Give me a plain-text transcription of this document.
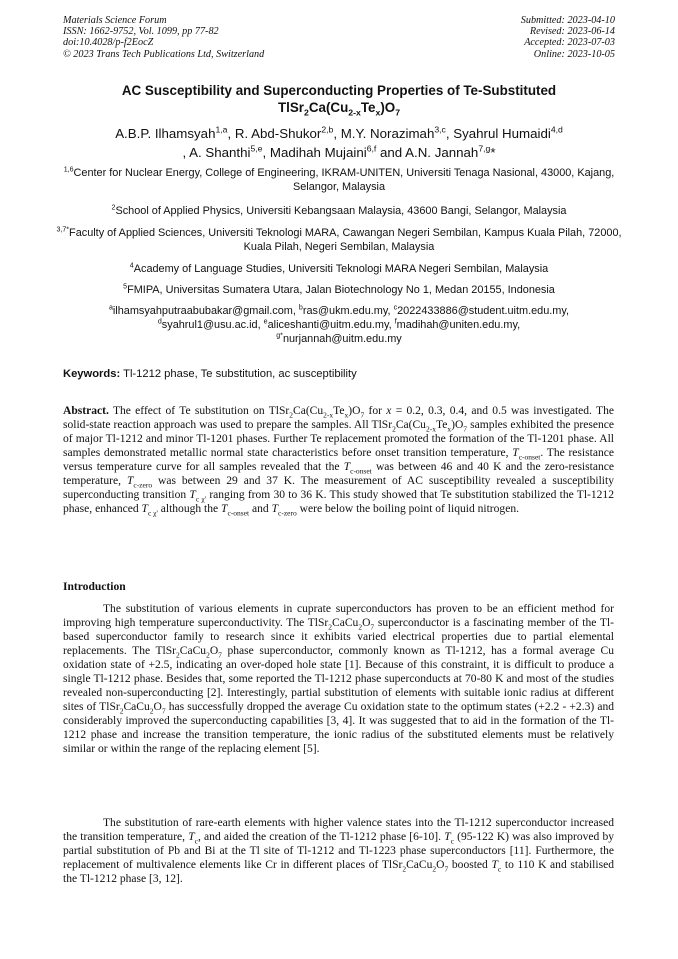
Materials Science Forum
ISSN: 1662-9752, Vol. 1099, pp 77-82
doi:10.4028/p-f2EocZ
© 2023 Trans Tech Publications Ltd, Switzerland
Submitted: 2023-04-10
Revised: 2023-06-14
Accepted: 2023-07-03
Online: 2023-10-05
AC Susceptibility and Superconducting Properties of Te-Substituted
$TlSr_2Ca(Cu_{2-x}Te_x)O_7$
A.B.P. Ilhamsyah$^{1,a}$, R. Abd-Shukor$^{2,b}$, M.Y. Norazimah$^{3,c}$, Syahrul Humaidi$^{4,d}$
, A. Shanthi$^{5,e}$, Madihah Mujaini$^{6,f}$ and A.N. Jannah$^{7,g}$*
$^{1,6}$Center for Nuclear Energy, College of Engineering, IKRAM-UNITEN, Universiti Tenaga Nasional, 43000, Kajang, Selangor, Malaysia
$^2$School of Applied Physics, Universiti Kebangsaan Malaysia, 43600 Bangi, Selangor, Malaysia
$^{3,7*}$Faculty of Applied Sciences, Universiti Teknologi MARA, Cawangan Negeri Sembilan, Kampus Kuala Pilah, 72000, Kuala Pilah, Negeri Sembilan, Malaysia
$^4$Academy of Language Studies, Universiti Teknologi MARA Negeri Sembilan, Malaysia
$^5$FMIPA, Universitas Sumatera Utara, Jalan Biotechnology No 1, Medan 20155, Indonesia
$^a$ilhamsyahputraabubakar@gmail.com, $^b$ras@ukm.edu.my, $^c$2022433886@student.uitm.edu.my,
$^d$syahrul1@usu.ac.id, $^e$aliceshanti@uitm.edu.my, $^f$madihah@uniten.edu.my,
$^{g*}$nurjannah@uitm.edu.my
Keywords: Tl-1212 phase, Te substitution, ac susceptibility
Abstract. The effect of Te substitution on $TlSr_2Ca(Cu_{2-x}Te_x)O_7$ for x = 0.2, 0.3, 0.4, and 0.5 was investigated. The solid-state reaction approach was used to prepare the samples. All $TlSr_2Ca(Cu_{2-x}Te_x)O_7$ samples exhibited the presence of major Tl-1212 and minor Tl-1201 phases. Further Te replacement promoted the formation of the Tl-1201 phase. All samples demonstrated metallic normal state characteristics before onset transition temperature, $T_{c-onset}$. The resistance versus temperature curve for all samples revealed that the $T_{c-onset}$ was between 46 and 40 K and the zero-resistance temperature, $T_{c-zero}$ was between 29 and 37 K. The measurement of AC susceptibility revealed a susceptibility superconducting transition $T_{c \chi'}$ ranging from 30 to 36 K. This study showed that Te substitution stabilized the Tl-1212 phase, enhanced $T_{c \chi'}$ although the $T_{c-onset}$ and $T_{c-zero}$ were below the boiling point of liquid nitrogen.
Introduction
The substitution of various elements in cuprate superconductors has proven to be an efficient method for improving high temperature superconductivity. The $TlSr_2CaCu_2O_7$ superconductor is a fascinating member of the Tl-based superconductor family to research since it exhibits varied electrical properties due to partial elemental replacements. The $TlSr_2CaCu_2O_7$ phase superconductor, commonly known as Tl-1212, has a formal average Cu oxidation state of +2.5, indicating an over-doped hole state [1]. Because of this constraint, it is difficult to produce a single Tl-1212 phase. Besides that, some reported the Tl-1212 phase superconducts at 70-80 K and most of the studies revealed non-superconducting [2]. Interestingly, partial substitution of elements with suitable ionic radius at different sites of $TlSr_2CaCu_2O_7$ has successfully dropped the average Cu oxidation state to the optimum states (+2.2 - +2.3) and considerably improved the superconducting capabilities [3, 4]. It was suggested that to aid in the formation of the Tl-1212 phase and increase the transition temperature, the ionic radius of the substituted elements must be relatively similar or within the range of the replacing element [5].
The substitution of rare-earth elements with higher valence states into the Tl-1212 superconductor increased the transition temperature, $T_c$, and aided the creation of the Tl-1212 phase [6-10]. $T_c$ (95-122 K) was also improved by partial substitution of Pb and Bi at the Tl site of Tl-1212 and Tl-1223 phase superconductors [11]. Furthermore, the replacement of multivalence elements like Cr in different places of $TlSr_2CaCu_2O_7$ boosted $T_c$ to 110 K and stabilised the Tl-1212 phase [3, 12].
